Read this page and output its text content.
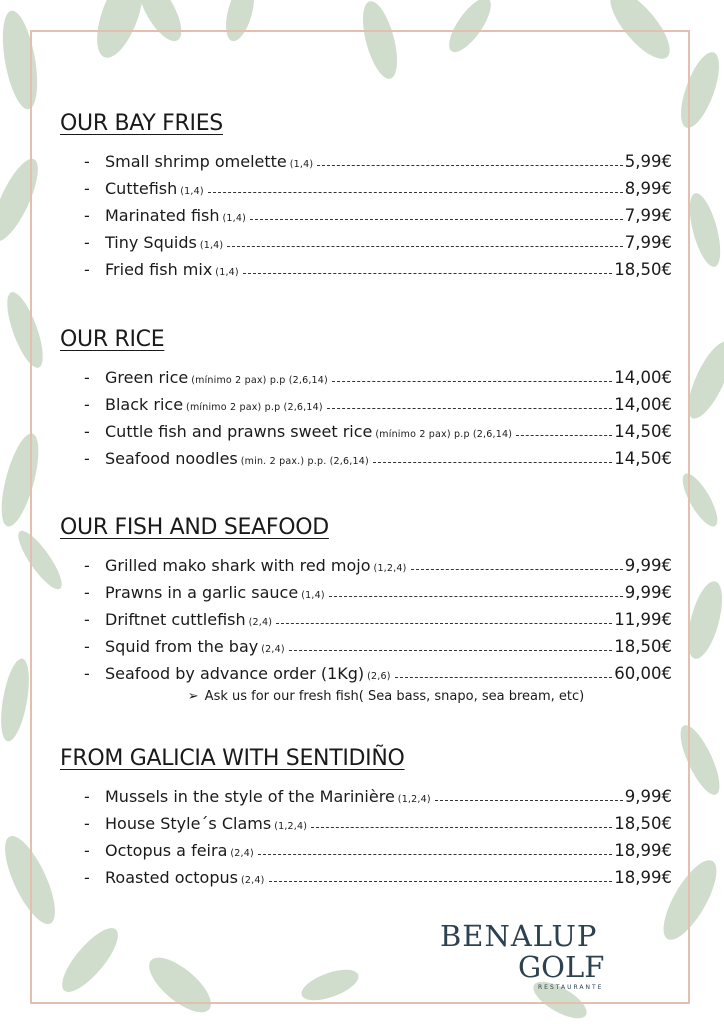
OUR BAY FRIES
- Small shrimp omelette (1,4)	5,99€
- Cuttefish (1,4)	8,99€
- Marinated fish (1,4)	7,99€
- Tiny Squids (1,4)	7,99€
- Fried fish mix (1,4)	18,50€
OUR RICE
- Green rice (mínimo 2 pax) p.p (2,6,14)	14,00€
- Black rice (mínimo 2 pax) p.p (2,6,14)	14,00€
- Cuttle fish and prawns sweet rice (mínimo 2 pax) p.p (2,6,14)	14,50€
- Seafood noodles (min. 2 pax.) p.p. (2,6,14)	14,50€
OUR FISH AND SEAFOOD
- Grilled mako shark with red mojo (1,2,4)	9,99€
- Prawns in a garlic sauce (1,4)	9,99€
- Driftnet cuttlefish (2,4)	11,99€
- Squid from the bay (2,4)	18,50€
- Seafood by advance order (1Kg) (2,6)	60,00€

➢ Ask us for our fresh fish( Sea bass, snapo, sea bream, etc)

FROM GALICIA WITH SENTIDIÑO
- Mussels in the style of the Marinière (1,2,4)	9,99€
- House Style´s Clams (1,2,4)	18,50€
- Octopus a feira (2,4)	18,99€
- Roasted octopus (2,4)	18,99€
BENALUP
GOLF
RESTAURANTE
